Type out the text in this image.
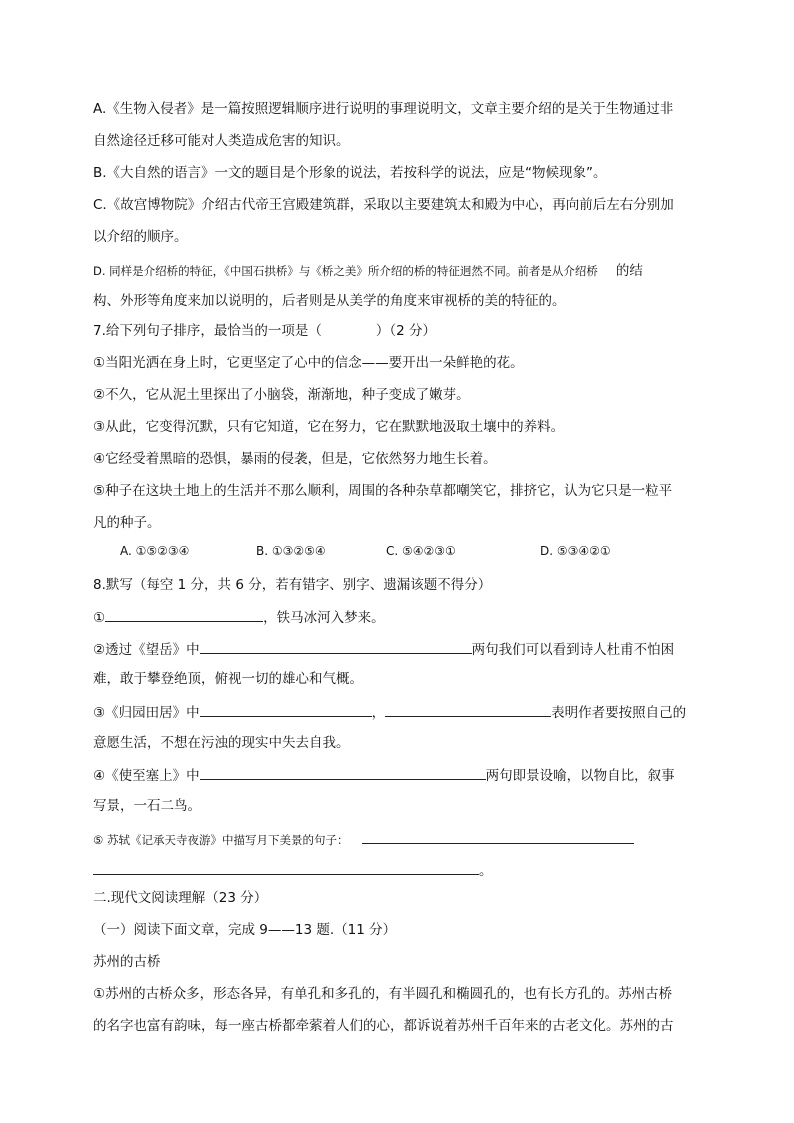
A.《生物入侵者》是一篇按照逻辑顺序进行说明的事理说明文，文章主要介绍的是关于生物通过非
自然途径迁移可能对人类造成危害的知识。
B.《大自然的语言》一文的题目是个形象的说法，若按科学的说法，应是“物候现象”。
C.《故宫博物院》介绍古代帝王宫殿建筑群，采取以主要建筑太和殿为中心，再向前后左右分别加
以介绍的顺序。
D. 同样是介绍桥的特征，《中国石拱桥》与《桥之美》所介绍的桥的特征迥然不同。前者是从介绍桥 的结
构、外形等角度来加以说明的，后者则是从美学的角度来审视桥的美的特征的。
7.给下列句子排序，最恰当的一项是（　　　　）（2 分）
①当阳光洒在身上时，它更坚定了心中的信念——要开出一朵鲜艳的花。
②不久，它从泥土里探出了小脑袋，渐渐地，种子变成了嫩芽。
③从此，它变得沉默，只有它知道，它在努力，它在默默地汲取土壤中的养料。
④它经受着黑暗的恐惧，暴雨的侵袭，但是，它依然努力地生长着。
⑤种子在这块土地上的生活并不那么顺利，周围的各种杂草都嘲笑它，排挤它，认为它只是一粒平
凡的种子。
A. ①⑤②③④	B. ①③②⑤④	C. ⑤④②③①	D. ⑤③④②①
8.默写（每空 1 分，共 6 分，若有错字、别字、遗漏该题不得分）
①	，铁马冰河入梦来。
②透过《望岳》中	两句我们可以看到诗人杜甫不怕困
难，敢于攀登绝顶，俯视一切的雄心和气概。
③《归园田居》中	，	表明作者要按照自己的
意愿生活，不想在污浊的现实中失去自我。
④《使至塞上》中	两句即景设喻，以物自比，叙事
写景，一石二鸟。
⑤ 苏轼《记承天寺夜游》中描写月下美景的句子：
。
二.现代文阅读理解（23 分）
（一）阅读下面文章，完成 9——13 题.（11 分）
苏州的古桥
①苏州的古桥众多，形态各异，有单孔和多孔的，有半圆孔和椭圆孔的，也有长方孔的。苏州古桥
的名字也富有韵味，每一座古桥都牵萦着人们的心，都诉说着苏州千百年来的古老文化。苏州的古
